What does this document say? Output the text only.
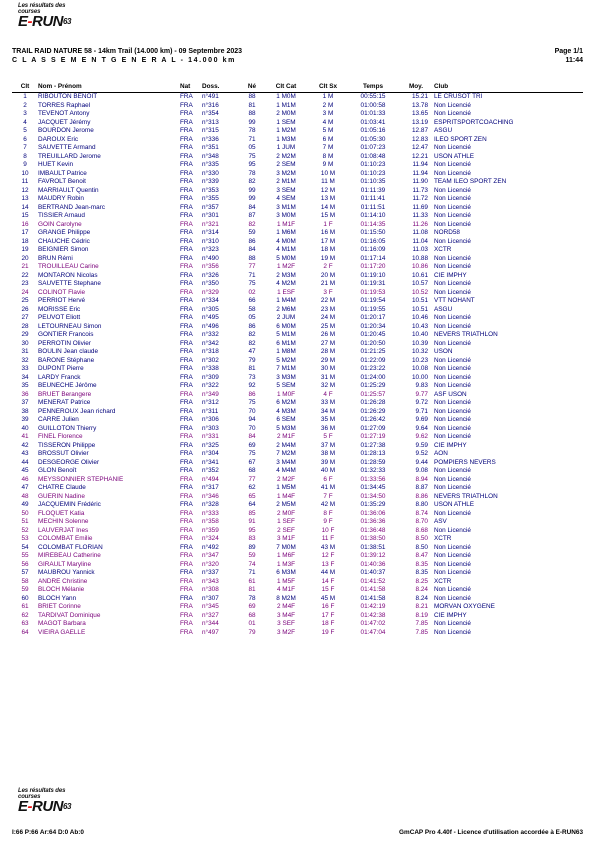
Les résultats des courses
E-RUN$^{63}$
TRAIL RAID NATURE 58 - 14km Trail (14.000 km) - 09 Septembre 2023
C L A S S E M E N T G E N E R A L - 14.000 km
Page 1/1
11:44
Clt	Nom - Prénom	Nat	Doss.	Né	Clt Cat	Clt Sx	Temps	Moy.	Club
1	RIBOUTON BENOIT	FRA	n°491	88	1 M0M	1 M	00:55:15	15.21	LE CRUSOT TRI
2	TORRES Raphael	FRA	n°316	81	1 M1M	2 M	01:00:58	13.78	Non Licencié
3	TEVENOT Antony	FRA	n°354	88	2 M0M	3 M	01:01:33	13.65	Non Licencié
4	JACQUET Jérémy	FRA	n°313	99	1 SEM	4 M	01:03:41	13.19	ESPRITSPORTCOACHING
5	BOURDON Jerome	FRA	n°315	78	1 M2M	5 M	01:05:16	12.87	ASGU
6	DAROUX Eric	FRA	n°336	71	1 M3M	6 M	01:05:30	12.83	ILEO SPORT ZEN
7	SAUVETTE Armand	FRA	n°351	05	1 JUM	7 M	01:07:23	12.47	Non Licencié
8	TREUILLARD Jerome	FRA	n°348	75	2 M2M	8 M	01:08:48	12.21	USON ATHLE
9	HUET Kevin	FRA	n°335	95	2 SEM	9 M	01:10:23	11.94	Non Licencié
10	IMBAULT Patrice	FRA	n°330	78	3 M2M	10 M	01:10:23	11.94	Non Licencié
11	FAVROLT Benoit	FRA	n°339	82	2 M1M	11 M	01:10:35	11.90	TEAM ILEO SPORT ZEN
12	MARRIAULT Quentin	FRA	n°353	99	3 SEM	12 M	01:11:39	11.73	Non Licencié
13	MAUDRY Robin	FRA	n°355	99	4 SEM	13 M	01:11:41	11.72	Non Licencié
14	BERTRAND Jean-marc	FRA	n°357	84	3 M1M	14 M	01:11:51	11.69	Non Licencié
15	TISSIER Arnaud	FRA	n°301	87	3 M0M	15 M	01:14:10	11.33	Non Licencié
16	GOIN Carolyne	FRA	n°321	82	1 M1F	1 F	01:14:35	11.26	Non Licencié
17	GRANGÉ Philippe	FRA	n°314	59	1 M6M	16 M	01:15:50	11.08	NORD58
18	CHAUCHE Cédric	FRA	n°310	86	4 M0M	17 M	01:16:05	11.04	Non Licencié
19	BEIGNIER Simon	FRA	n°323	84	4 M1M	18 M	01:16:09	11.03	XCTR
20	BRUN Rémi	FRA	n°490	88	5 M0M	19 M	01:17:14	10.88	Non Licencié
21	TROUILLEAU Carine	FRA	n°356	77	1 M2F	2 F	01:17:20	10.86	Non Licencié
22	MONTARON Nicolas	FRA	n°326	71	2 M3M	20 M	01:19:10	10.61	CIE IMPHY
23	SAUVETTE Stephane	FRA	n°350	75	4 M2M	21 M	01:19:31	10.57	Non Licencié
24	COLINOT Flavie	FRA	n°329	02	1 ESF	3 F	01:19:53	10.52	Non Licencié
25	PERRIOT Hervé	FRA	n°334	66	1 M4M	22 M	01:19:54	10.51	VTT NOHANT
26	MORISSE Eric	FRA	n°305	58	2 M6M	23 M	01:19:55	10.51	ASGU
27	PEUVOT Eliott	FRA	n°495	05	2 JUM	24 M	01:20:17	10.46	Non Licencié
28	LETOURNEAU Simon	FRA	n°496	86	6 M0M	25 M	01:20:34	10.43	Non Licencié
29	GONTIER Francois	FRA	n°332	82	5 M1M	26 M	01:20:45	10.40	NEVERS TRIATHLON
30	PERROTIN Olivier	FRA	n°342	82	6 M1M	27 M	01:20:50	10.39	Non Licencié
31	BOULIN Jean claude	FRA	n°318	47	1 M8M	28 M	01:21:25	10.32	USON
32	BARONE Stéphane	FRA	n°302	79	5 M2M	29 M	01:22:09	10.23	Non Licencié
33	DUPONT Pierre	FRA	n°338	81	7 M1M	30 M	01:23:22	10.08	Non Licencié
34	LARDY Franck	FRA	n°309	73	3 M3M	31 M	01:24:00	10.00	Non Licencié
35	BEUNECHE Jérôme	FRA	n°322	92	5 SEM	32 M	01:25:29	9.83	Non Licencié
36	BRUET Berangere	FRA	n°349	86	1 M0F	4 F	01:25:57	9.77	ASF USON
37	MENERAT Patrice	FRA	n°312	75	6 M2M	33 M	01:26:28	9.72	Non Licencié
38	PENNEROUX Jean richard	FRA	n°311	70	4 M3M	34 M	01:26:29	9.71	Non Licencié
39	CARRÉ Julien	FRA	n°306	94	6 SEM	35 M	01:26:42	9.69	Non Licencié
40	GUILLOTON Thierry	FRA	n°303	70	5 M3M	36 M	01:27:09	9.64	Non Licencié
41	FINEL Florence	FRA	n°331	84	2 M1F	5 F	01:27:19	9.62	Non Licencié
42	TISSERON Philippe	FRA	n°325	69	2 M4M	37 M	01:27:38	9.59	CIE IMPHY
43	BROSSUT Olivier	FRA	n°304	75	7 M2M	38 M	01:28:13	9.52	AON
44	DESGEORGE Olivier	FRA	n°341	67	3 M4M	39 M	01:28:59	9.44	POMPIERS NEVERS
45	GLON Benoît	FRA	n°352	68	4 M4M	40 M	01:32:33	9.08	Non Licencié
46	MEYSSONNIER STEPHANIE	FRA	n°494	77	2 M2F	6 F	01:33:56	8.94	Non Licencié
47	CHATRÉ Claude	FRA	n°317	62	1 M5M	41 M	01:34:45	8.87	Non Licencié
48	GUERIN Nadine	FRA	n°346	65	1 M4F	7 F	01:34:50	8.86	NEVERS TRIATHLON
49	JACQUEMIN Frédéric	FRA	n°328	64	2 M5M	42 M	01:35:29	8.80	USON ATHLE
50	FLOQUET Katia	FRA	n°333	85	2 M0F	8 F	01:36:06	8.74	Non Licencié
51	MECHIN Solenne	FRA	n°358	91	1 SEF	9 F	01:36:36	8.70	ASV
52	LAUVERJAT Ines	FRA	n°359	95	2 SEF	10 F	01:36:48	8.68	Non Licencié
53	COLOMBAT Emilie	FRA	n°324	83	3 M1F	11 F	01:38:50	8.50	XCTR
54	COLOMBAT FLORIAN	FRA	n°492	89	7 M0M	43 M	01:38:51	8.50	Non Licencié
55	MIREBEAU Catherine	FRA	n°347	59	1 M6F	12 F	01:39:12	8.47	Non Licencié
56	GIRAULT Maryline	FRA	n°320	74	1 M3F	13 F	01:40:36	8.35	Non Licencié
57	MAUBROU Yannick	FRA	n°337	71	6 M3M	44 M	01:40:37	8.35	Non Licencié
58	ANDRE Christine	FRA	n°343	61	1 M5F	14 F	01:41:52	8.25	XCTR
59	BLOCH Mélanie	FRA	n°308	81	4 M1F	15 F	01:41:58	8.24	Non Licencié
60	BLOCH Yann	FRA	n°307	78	8 M2M	45 M	01:41:58	8.24	Non Licencié
61	BRIET Corinne	FRA	n°345	69	2 M4F	16 F	01:42:19	8.21	MORVAN OXYGENE
62	TARDIVAT Dominique	FRA	n°327	68	3 M4F	17 F	01:42:38	8.19	CIE IMPHY
63	MAGOT Barbara	FRA	n°344	01	3 SEF	18 F	01:47:02	7.85	Non Licencié
64	VIEIRA GAELLE	FRA	n°497	79	3 M2F	19 F	01:47:04	7.85	Non Licencié
Les résultats des courses
E-RUN$^{63}$
I:66 P:66 Ar:64 D:0 Ab:0	GmCAP Pro 4.40f - Licence d'utilisation accordée à E-RUN63
